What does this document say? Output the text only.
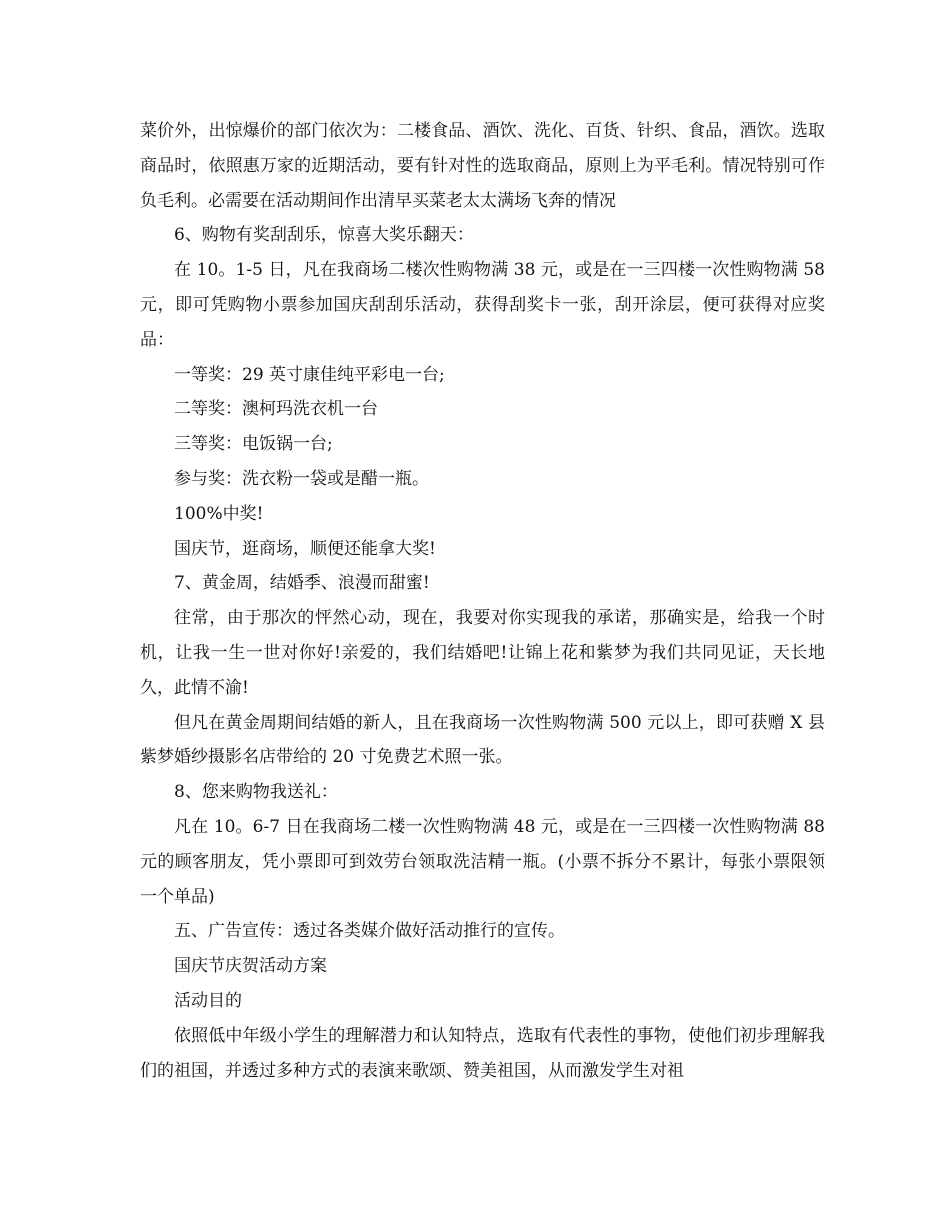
菜价外，出惊爆价的部门依次为：二楼食品、酒饮、洗化、百货、针织、食品，酒饮。选取商品时，依照惠万家的近期活动，要有针对性的选取商品，原则上为平毛利。情况特别可作负毛利。必需要在活动期间作出清早买菜老太太满场飞奔的情况

6、购物有奖刮刮乐，惊喜大奖乐翻天：

在 10。1-5 日，凡在我商场二楼次性购物满 38 元，或是在一三四楼一次性购物满 58 元，即可凭购物小票参加国庆刮刮乐活动，获得刮奖卡一张，刮开涂层，便可获得对应奖品：

一等奖：29 英寸康佳纯平彩电一台;

二等奖：澳柯玛洗衣机一台

三等奖：电饭锅一台;

参与奖：洗衣粉一袋或是醋一瓶。

100%中奖!

国庆节，逛商场，顺便还能拿大奖!

7、黄金周，结婚季、浪漫而甜蜜!

往常，由于那次的怦然心动，现在，我要对你实现我的承诺，那确实是，给我一个时机，让我一生一世对你好!亲爱的，我们结婚吧!让锦上花和紫梦为我们共同见证，天长地久，此情不渝!

但凡在黄金周期间结婚的新人，且在我商场一次性购物满 500 元以上，即可获赠 X 县紫梦婚纱摄影名店带给的 20 寸免费艺术照一张。

8、您来购物我送礼：

凡在 10。6-7 日在我商场二楼一次性购物满 48 元，或是在一三四楼一次性购物满 88 元的顾客朋友，凭小票即可到效劳台领取洗洁精一瓶。(小票不拆分不累计，每张小票限领一个单品)

五、广告宣传：透过各类媒介做好活动推行的宣传。

国庆节庆贺活动方案

活动目的

依照低中年级小学生的理解潜力和认知特点，选取有代表性的事物，使他们初步理解我们的祖国，并透过多种方式的表演来歌颂、赞美祖国，从而激发学生对祖
